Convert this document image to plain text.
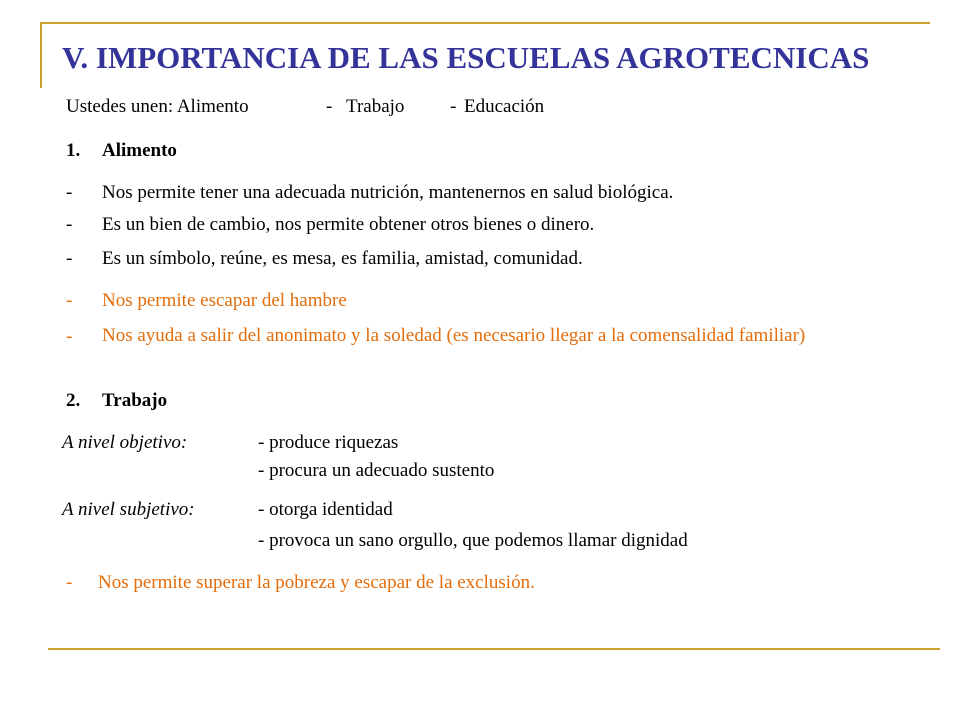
V. IMPORTANCIA DE LAS ESCUELAS AGROTECNICAS
Ustedes unen: Alimento	- Trabajo - Educación
1. Alimento
- Nos permite tener una adecuada nutrición, mantenernos en salud biológica.
- Es un bien de cambio, nos permite obtener otros bienes o dinero.
- Es un símbolo, reúne, es mesa, es familia, amistad, comunidad.
- Nos permite escapar del hambre
- Nos ayuda a salir del anonimato y la soledad (es necesario llegar a la comensalidad familiar)
2. Trabajo
A nivel objetivo:	- produce riquezas
- procura un adecuado sustento
A nivel subjetivo:	- otorga identidad
- provoca un sano orgullo, que podemos llamar dignidad
- Nos permite superar la pobreza y escapar de la exclusión.
